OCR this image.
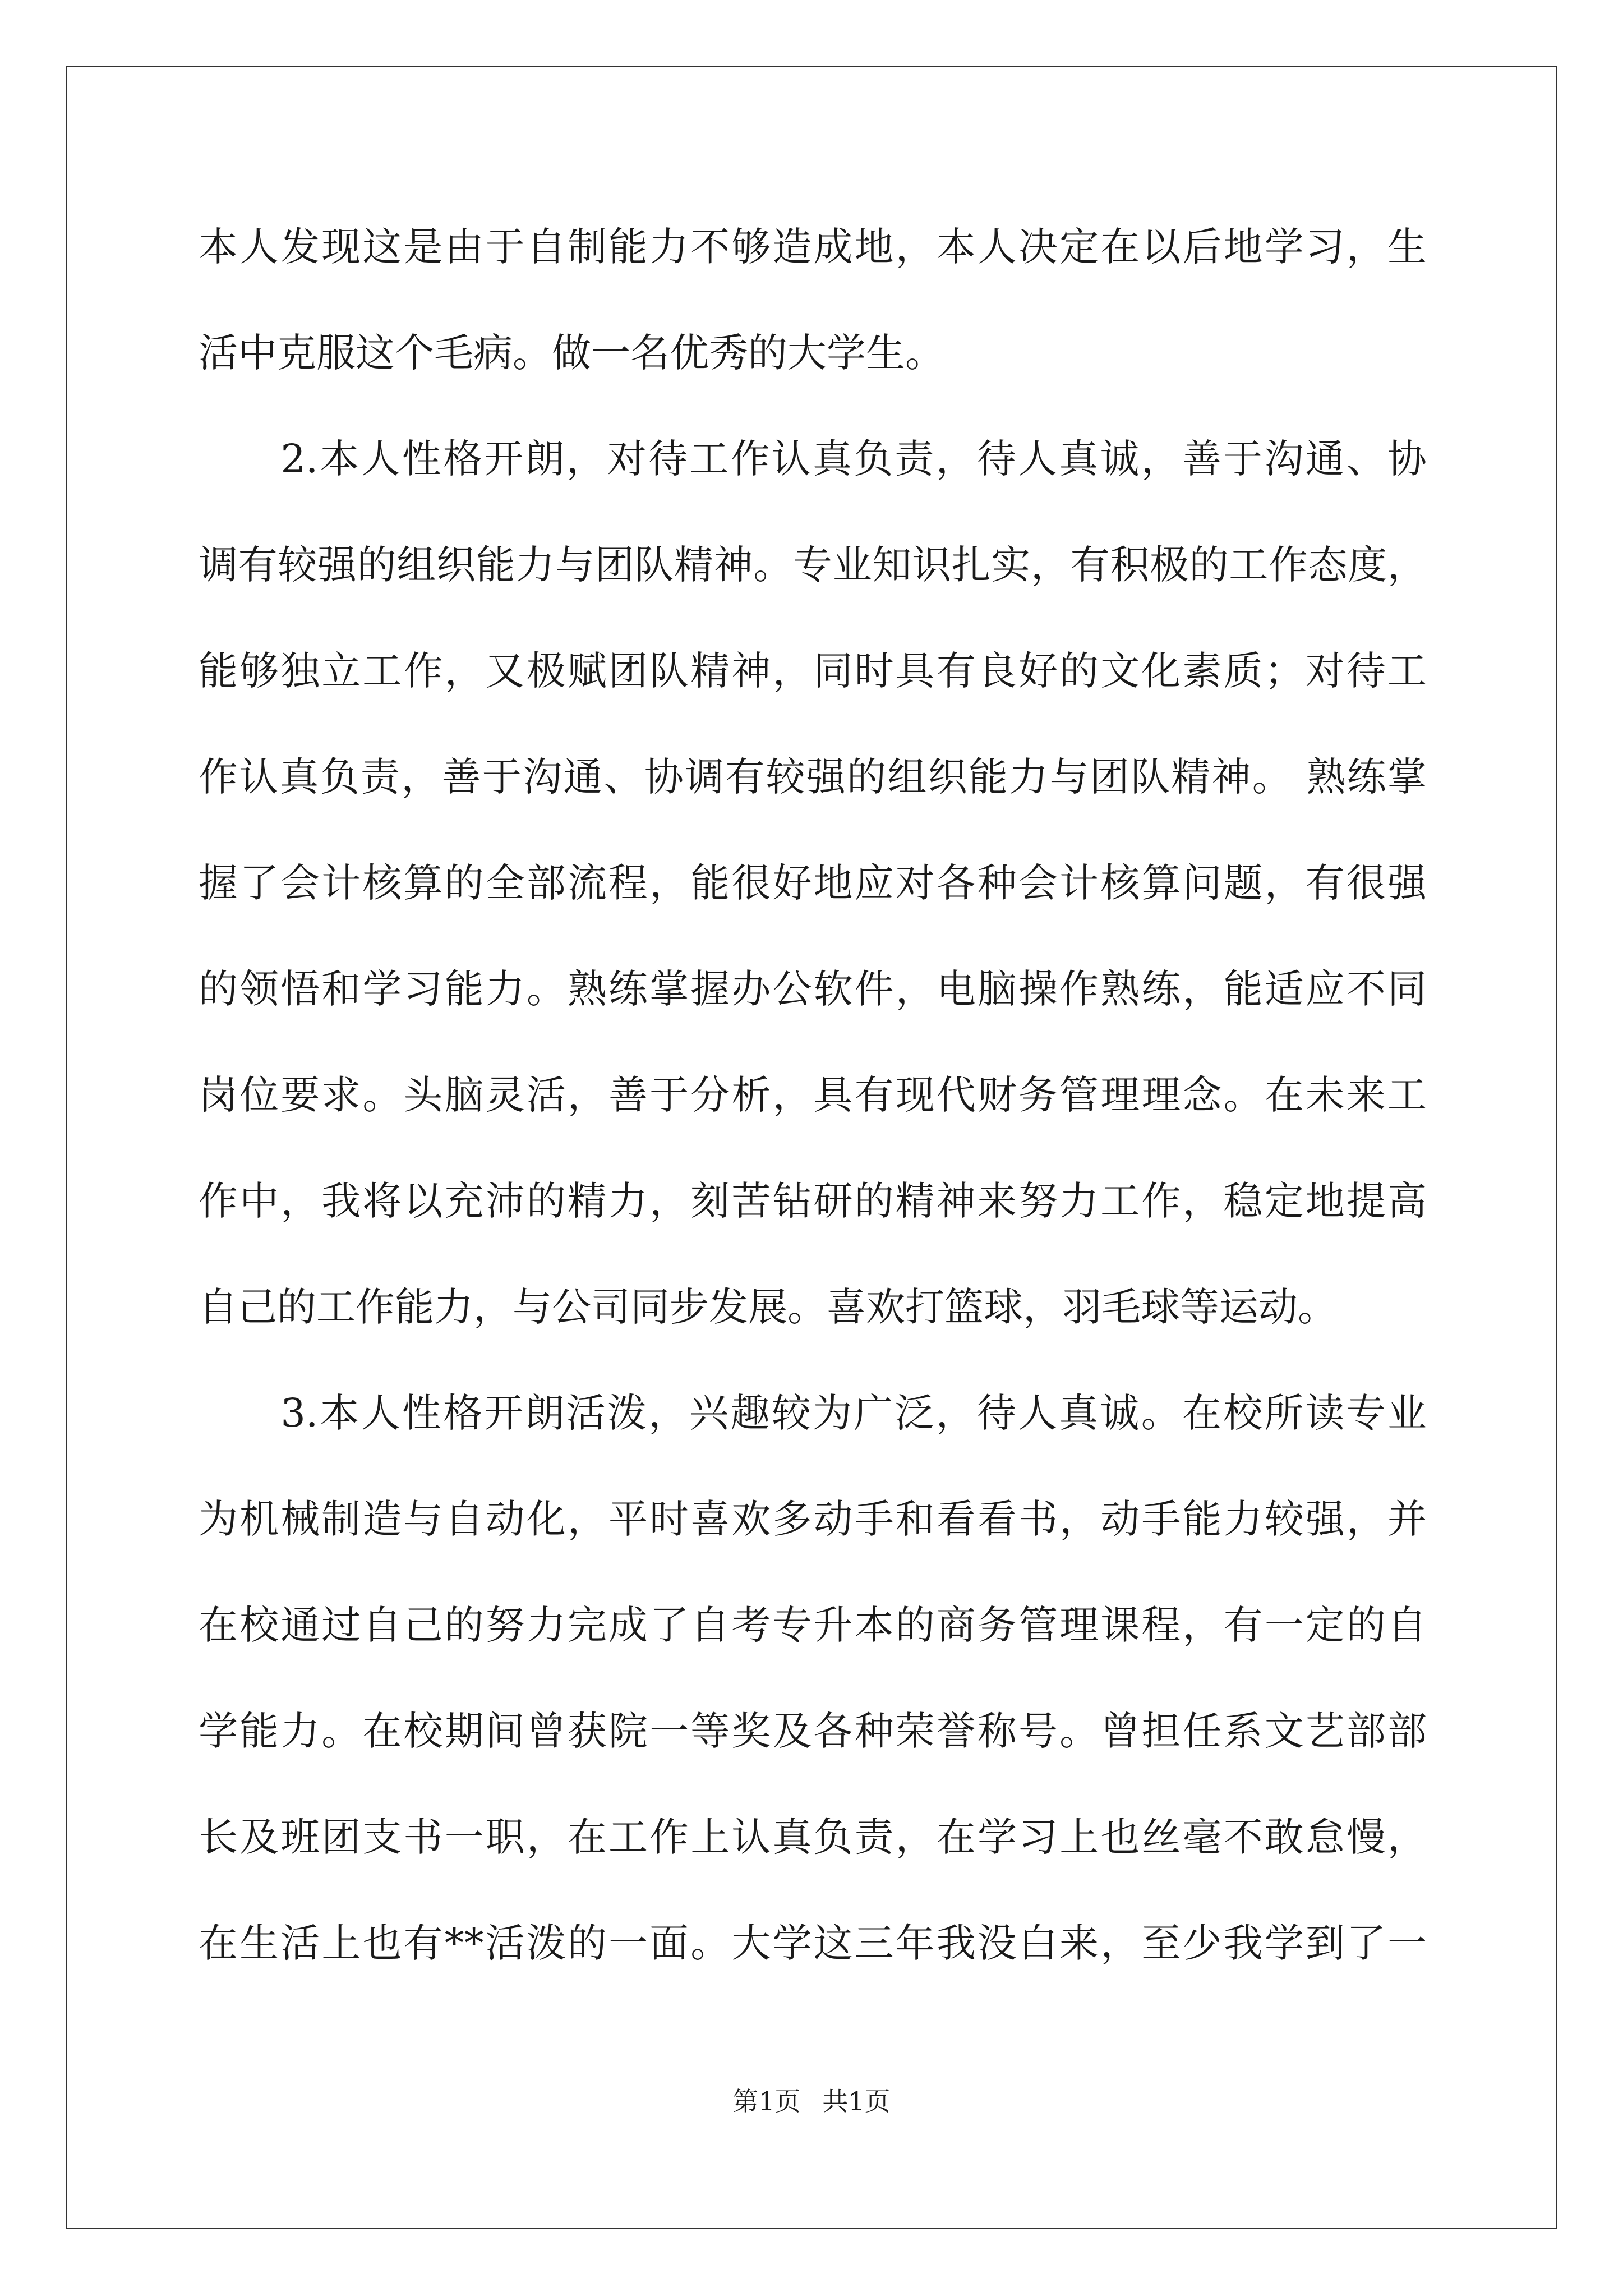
本人发现这是由于自制能力不够造成地，本人决定在以后地学习，生
活中克服这个毛病。做一名优秀的大学生。
　　2.本人性格开朗，对待工作认真负责，待人真诚，善于沟通、协
调有较强的组织能力与团队精神。专业知识扎实，有积极的工作态度，
能够独立工作，又极赋团队精神，同时具有良好的文化素质；对待工
作认真负责，善于沟通、协调有较强的组织能力与团队精神。 熟练掌
握了会计核算的全部流程，能很好地应对各种会计核算问题，有很强
的领悟和学习能力。熟练掌握办公软件，电脑操作熟练，能适应不同
岗位要求。头脑灵活，善于分析，具有现代财务管理理念。在未来工
作中，我将以充沛的精力，刻苦钻研的精神来努力工作，稳定地提高
自己的工作能力，与公司同步发展。喜欢打篮球，羽毛球等运动。
　　3.本人性格开朗活泼，兴趣较为广泛，待人真诚。在校所读专业
为机械制造与自动化，平时喜欢多动手和看看书，动手能力较强，并
在校通过自己的努力完成了自考专升本的商务管理课程，有一定的自
学能力。在校期间曾获院一等奖及各种荣誉称号。曾担任系文艺部部
长及班团支书一职，在工作上认真负责，在学习上也丝毫不敢怠慢，
在生活上也有**活泼的一面。大学这三年我没白来，至少我学到了一
第1页 共1页
